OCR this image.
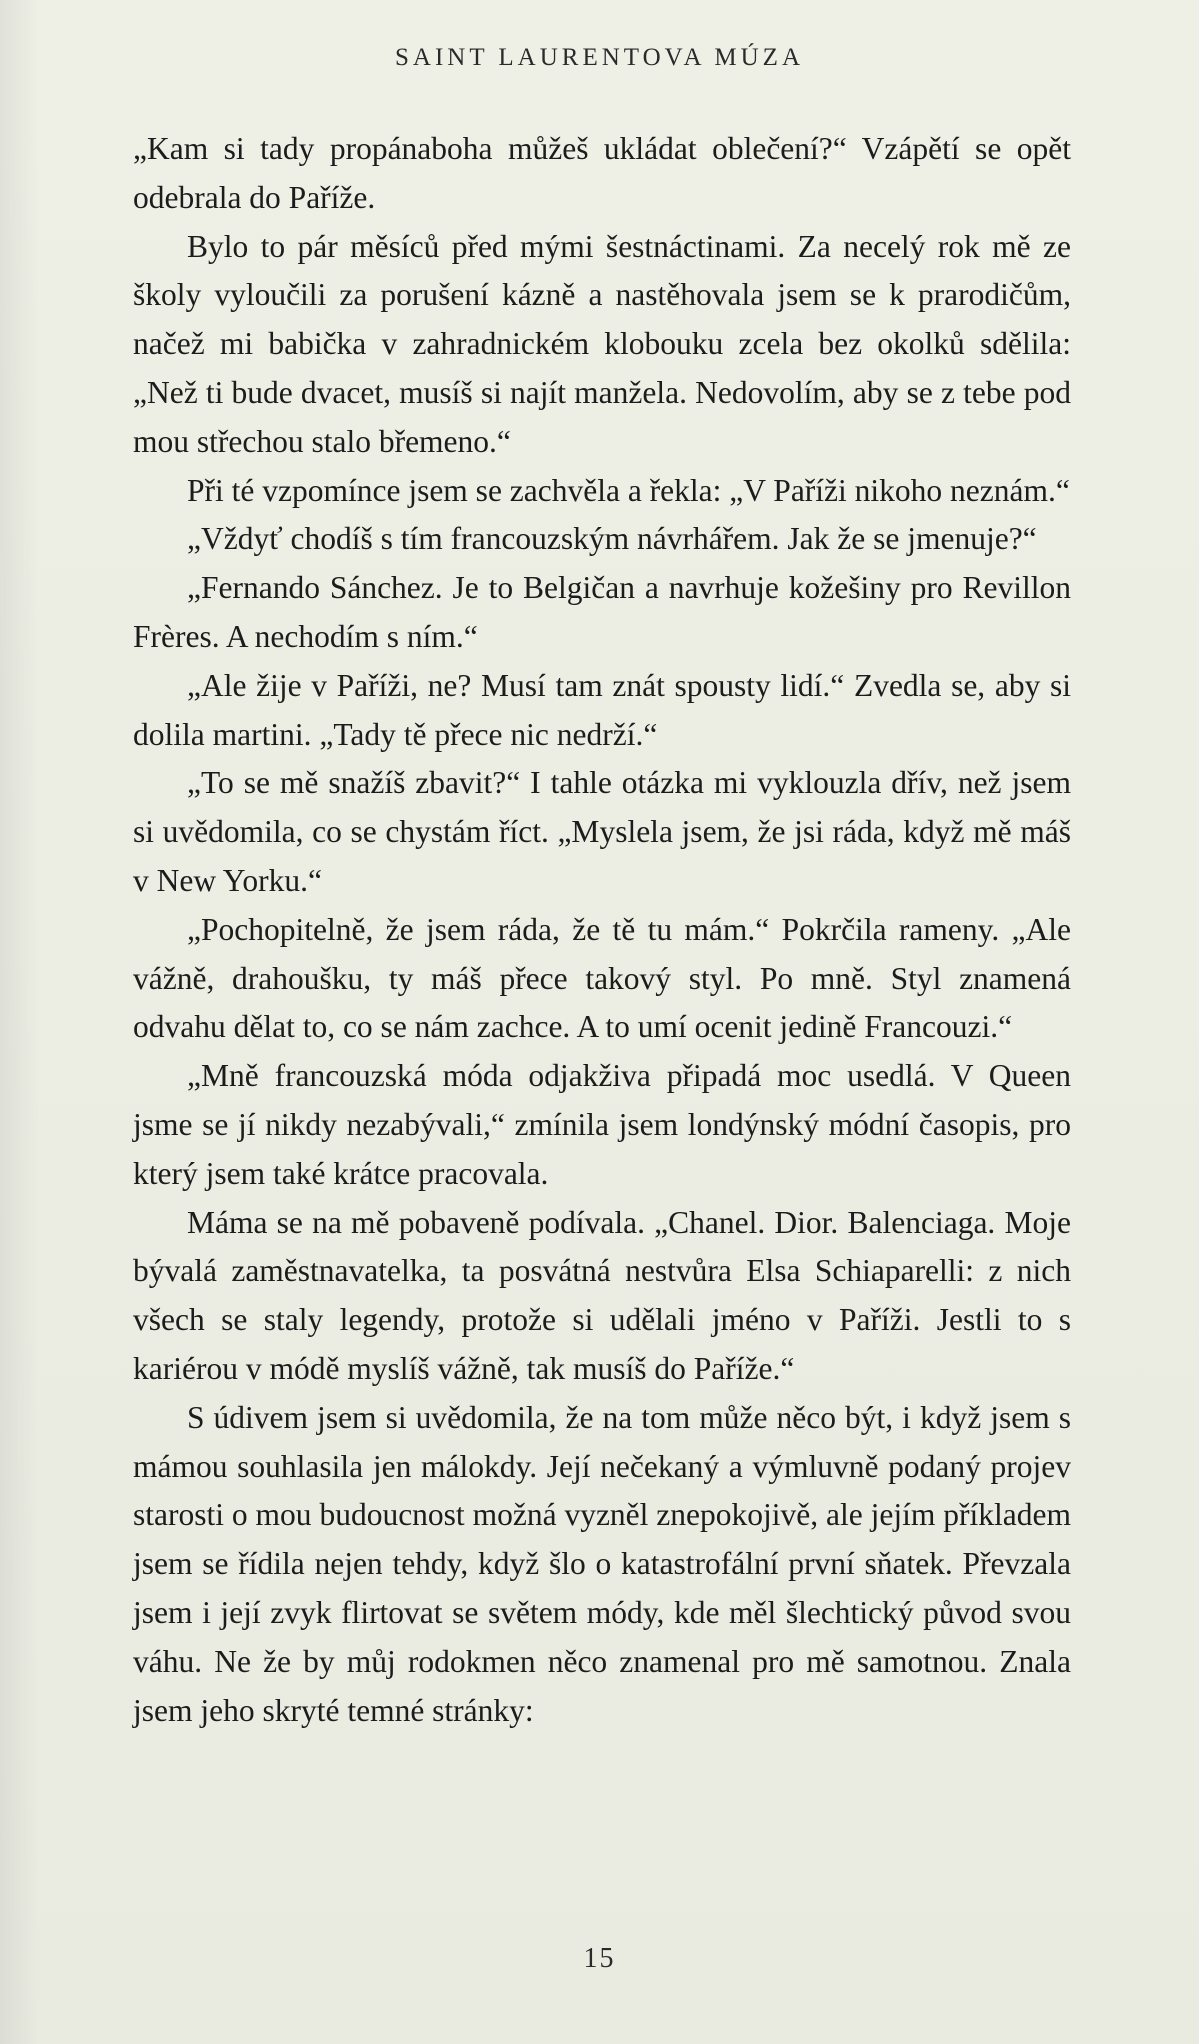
SAINT LAURENTOVA MÚZA

„Kam si tady propánaboha můžeš ukládat oblečení?“ Vzápětí se opět odebrala do Paříže.

Bylo to pár měsíců před mými šestnáctinami. Za necelý rok mě ze školy vyloučili za porušení kázně a nastěhovala jsem se k prarodičům, načež mi babička v zahradnickém klobouku zcela bez okolků sdělila: „Než ti bude dvacet, musíš si najít manžela. Nedovolím, aby se z tebe pod mou střechou stalo břemeno.“

Při té vzpomínce jsem se zachvěla a řekla: „V Paříži nikoho neznám.“

„Vždyť chodíš s tím francouzským návrhářem. Jak že se jmenuje?“

„Fernando Sánchez. Je to Belgičan a navrhuje kožešiny pro Revillon Frères. A nechodím s ním.“

„Ale žije v Paříži, ne? Musí tam znát spousty lidí.“ Zvedla se, aby si dolila martini. „Tady tě přece nic nedrží.“

„To se mě snažíš zbavit?“ I tahle otázka mi vyklouzla dřív, než jsem si uvědomila, co se chystám říct. „Myslela jsem, že jsi ráda, když mě máš v New Yorku.“

„Pochopitelně, že jsem ráda, že tě tu mám.“ Pokrčila rameny. „Ale vážně, drahoušku, ty máš přece takový styl. Po mně. Styl znamená odvahu dělat to, co se nám zachce. A to umí ocenit jedině Francouzi.“

„Mně francouzská móda odjakživa připadá moc usedlá. V Queen jsme se jí nikdy nezabývali,“ zmínila jsem londýnský módní časopis, pro který jsem také krátce pracovala.

Máma se na mě pobaveně podívala. „Chanel. Dior. Balenciaga. Moje bývalá zaměstnavatelka, ta posvátná nestvůra Elsa Schiaparelli: z nich všech se staly legendy, protože si udělali jméno v Paříži. Jestli to s kariérou v módě myslíš vážně, tak musíš do Paříže.“

S údivem jsem si uvědomila, že na tom může něco být, i když jsem s mámou souhlasila jen málokdy. Její nečekaný a výmluvně podaný projev starosti o mou budoucnost možná vyzněl znepokojivě, ale jejím příkladem jsem se řídila nejen tehdy, když šlo o katastrofální první sňatek. Převzala jsem i její zvyk flirtovat se světem módy, kde měl šlechtický původ svou váhu. Ne že by můj rodokmen něco znamenal pro mě samotnou. Znala jsem jeho skryté temné stránky:

15
